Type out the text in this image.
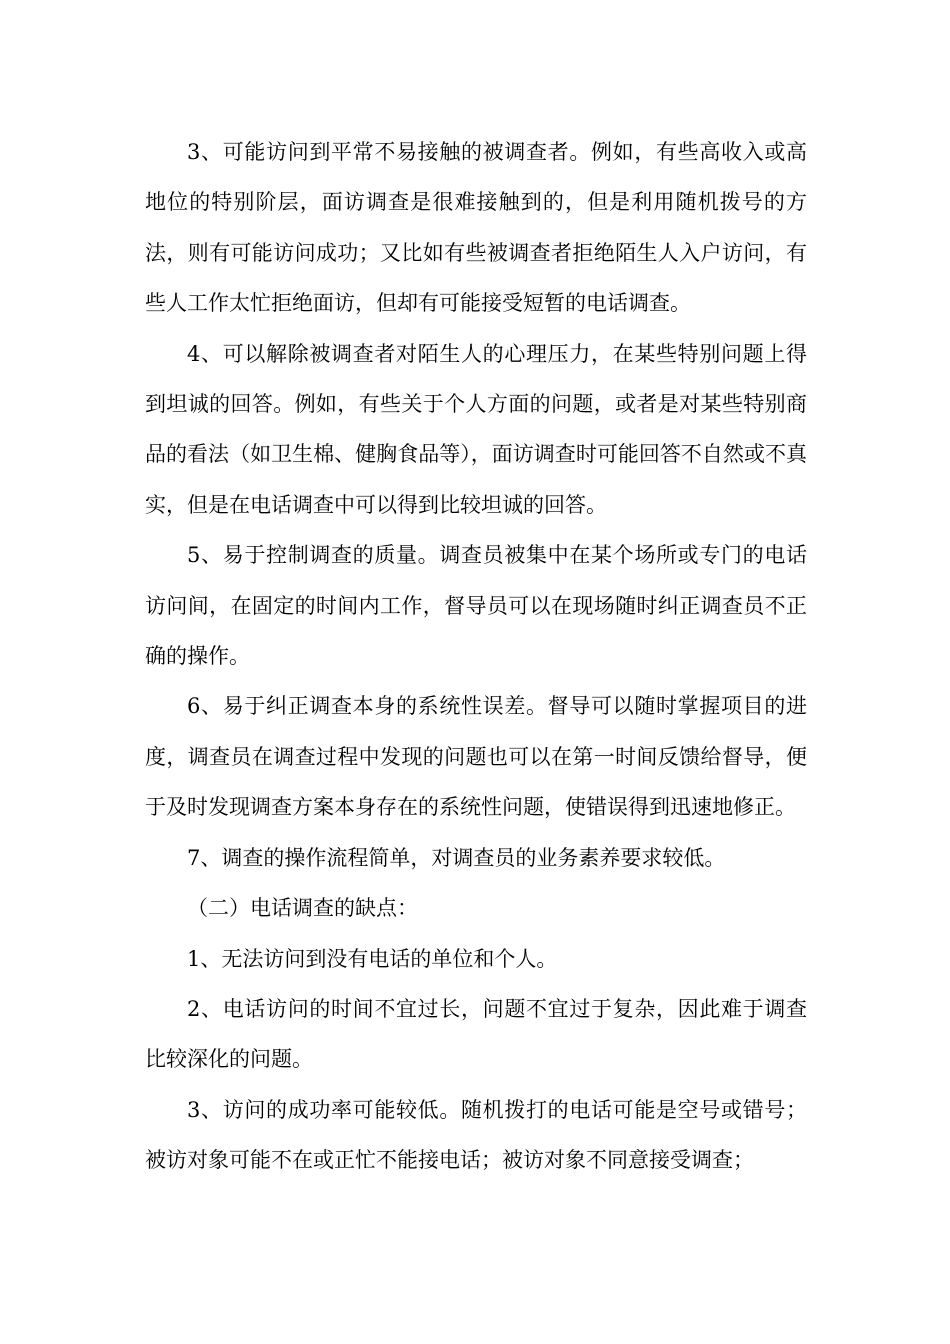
3、可能访问到平常不易接触的被调查者。例如，有些高收入或高地位的特别阶层，面访调查是很难接触到的，但是利用随机拨号的方法，则有可能访问成功；又比如有些被调查者拒绝陌生人入户访问，有些人工作太忙拒绝面访，但却有可能接受短暂的电话调查。

4、可以解除被调查者对陌生人的心理压力，在某些特别问题上得到坦诚的回答。例如，有些关于个人方面的问题，或者是对某些特别商品的看法（如卫生棉、健胸食品等），面访调查时可能回答不自然或不真实，但是在电话调查中可以得到比较坦诚的回答。

5、易于控制调查的质量。调查员被集中在某个场所或专门的电话访问间，在固定的时间内工作，督导员可以在现场随时纠正调查员不正确的操作。

6、易于纠正调查本身的系统性误差。督导可以随时掌握项目的进度，调查员在调查过程中发现的问题也可以在第一时间反馈给督导，便于及时发现调查方案本身存在的系统性问题，使错误得到迅速地修正。

7、调查的操作流程简单，对调查员的业务素养要求较低。

（二）电话调查的缺点：

1、无法访问到没有电话的单位和个人。

2、电话访问的时间不宜过长，问题不宜过于复杂，因此难于调查比较深化的问题。

3、访问的成功率可能较低。随机拨打的电话可能是空号或错号；被访对象可能不在或正忙不能接电话；被访对象不同意接受调查；
